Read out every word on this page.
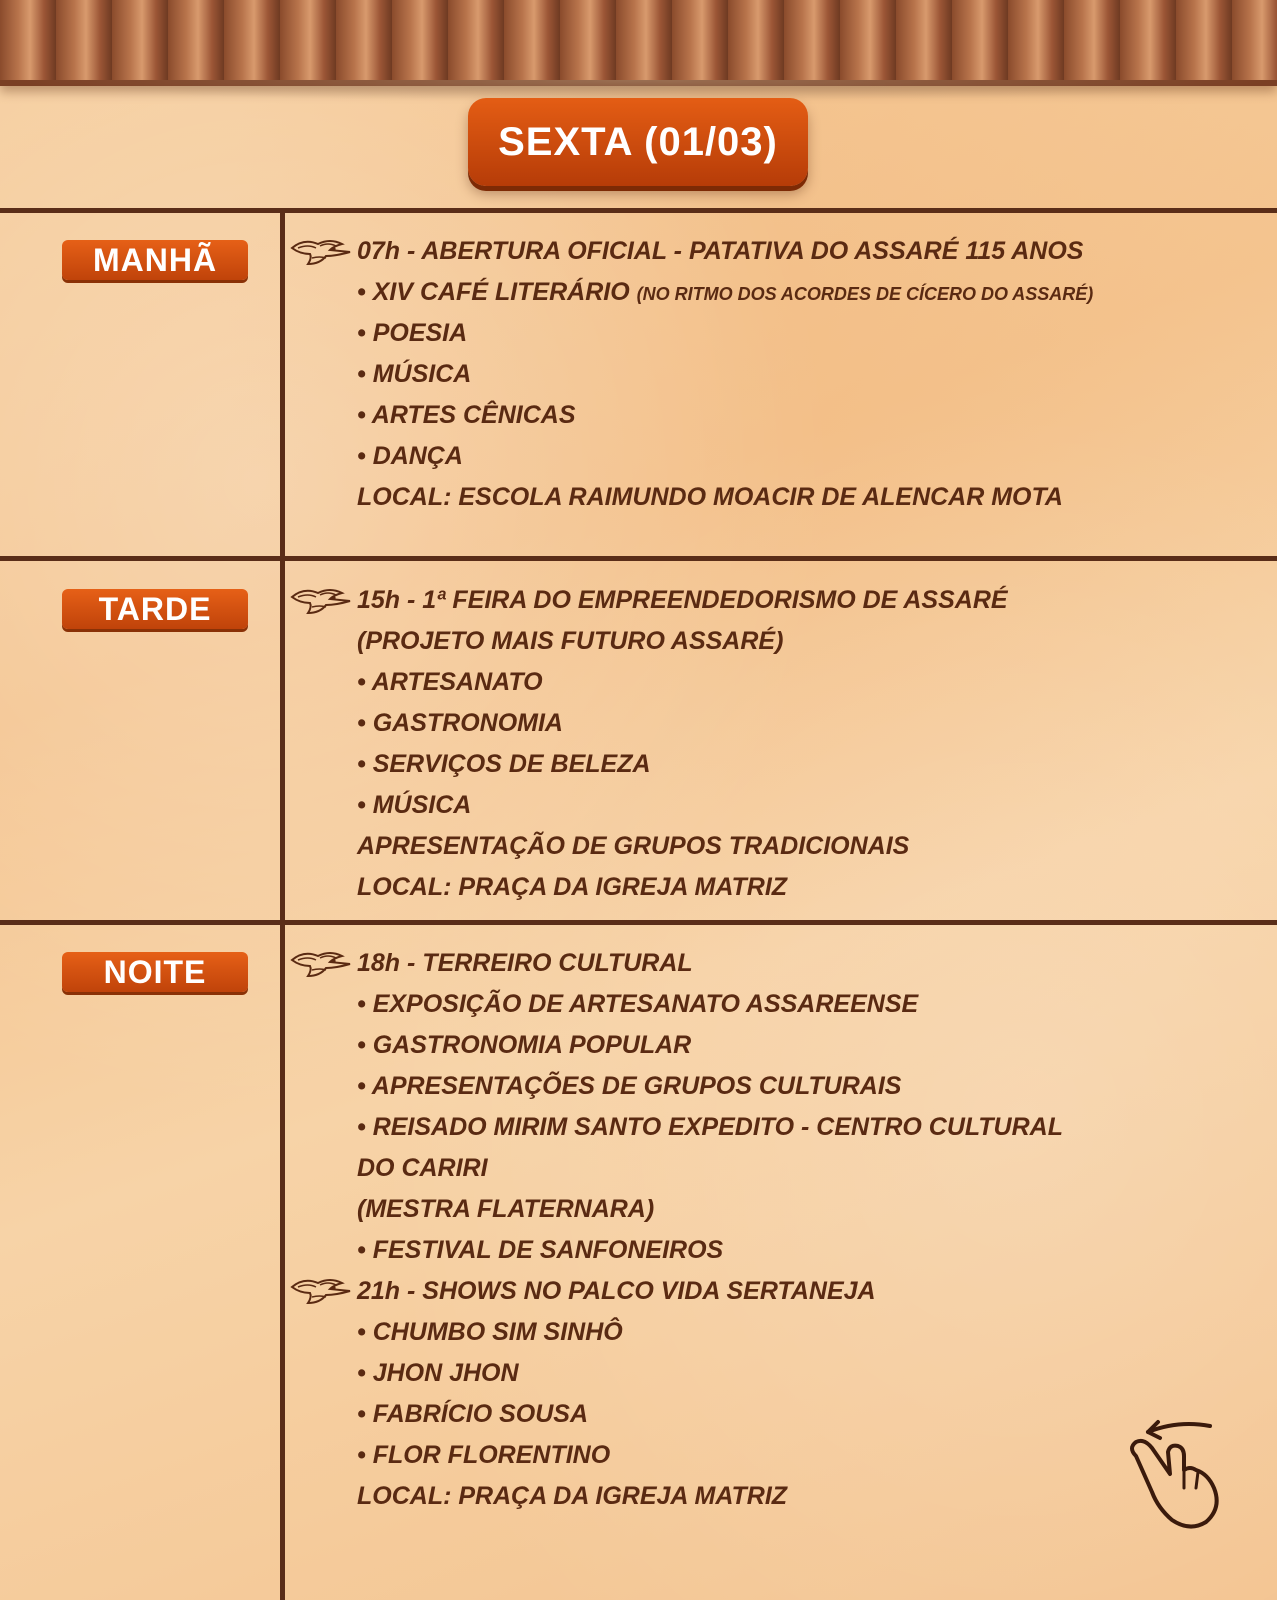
SEXTA (01/03)
MANHÃ
TARDE
NOITE
07h - ABERTURA OFICIAL - PATATIVA DO ASSARÉ 115 ANOS
• XIV CAFÉ LITERÁRIO (NO RITMO DOS ACORDES DE CÍCERO DO ASSARÉ)
• POESIA
• MÚSICA
• ARTES CÊNICAS
• DANÇA
LOCAL: ESCOLA RAIMUNDO MOACIR DE ALENCAR MOTA
15h - 1ª FEIRA DO EMPREENDEDORISMO DE ASSARÉ
(PROJETO MAIS FUTURO ASSARÉ)
• ARTESANATO
• GASTRONOMIA
• SERVIÇOS DE BELEZA
• MÚSICA
APRESENTAÇÃO DE GRUPOS TRADICIONAIS
LOCAL: PRAÇA DA IGREJA MATRIZ
18h - TERREIRO CULTURAL
• EXPOSIÇÃO DE ARTESANATO ASSAREENSE
• GASTRONOMIA POPULAR
• APRESENTAÇÕES DE GRUPOS CULTURAIS
• REISADO MIRIM SANTO EXPEDITO - CENTRO CULTURAL
DO CARIRI
(MESTRA FLATERNARA)
• FESTIVAL DE SANFONEIROS
21h - SHOWS NO PALCO VIDA SERTANEJA
• CHUMBO SIM SINHÔ
• JHON JHON
• FABRÍCIO SOUSA
• FLOR FLORENTINO
LOCAL: PRAÇA DA IGREJA MATRIZ
